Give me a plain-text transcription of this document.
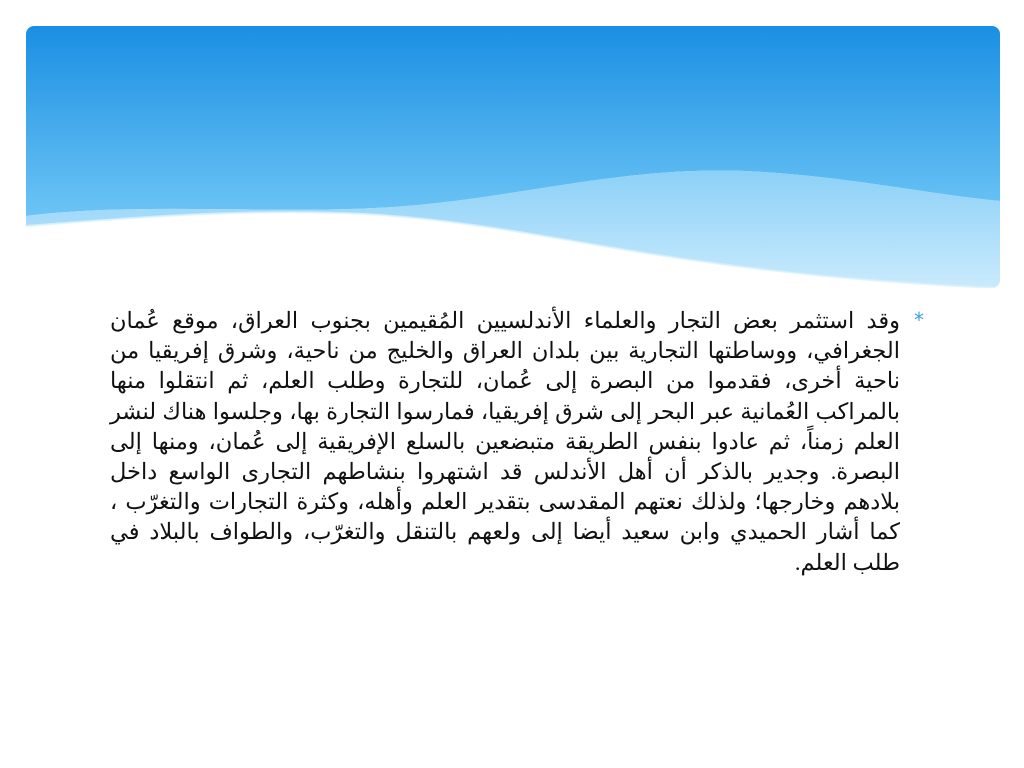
*

وقد استثمر بعض التجار والعلماء الأندلسيين المُقيمين بجنوب العراق، موقع عُمان الجغرافي، ووساطتها التجارية بين بلدان العراق والخليج من ناحية، وشرق إفريقيا من ناحية أخرى، فقدموا من البصرة إلى عُمان، للتجارة وطلب العلم، ثم انتقلوا منها بالمراكب العُمانية عبر البحر إلى شرق إفريقيا، فمارسوا التجارة بها، وجلسوا هناك لنشر العلم زمناً، ثم عادوا بنفس الطريقة متبضعين بالسلع الإفريقية إلى عُمان، ومنها إلى البصرة. وجدير بالذكر أن أهل الأندلس قد اشتهروا بنشاطهم التجارى الواسع داخل بلادهم وخارجها؛ ولذلك نعتهم المقدسى بتقدير العلم وأهله، وكثرة التجارات والتغرّب ، كما أشار الحميدي وابن سعيد أيضا إلى ولعهم بالتنقل والتغرّب، والطواف بالبلاد في طلب العلم.
